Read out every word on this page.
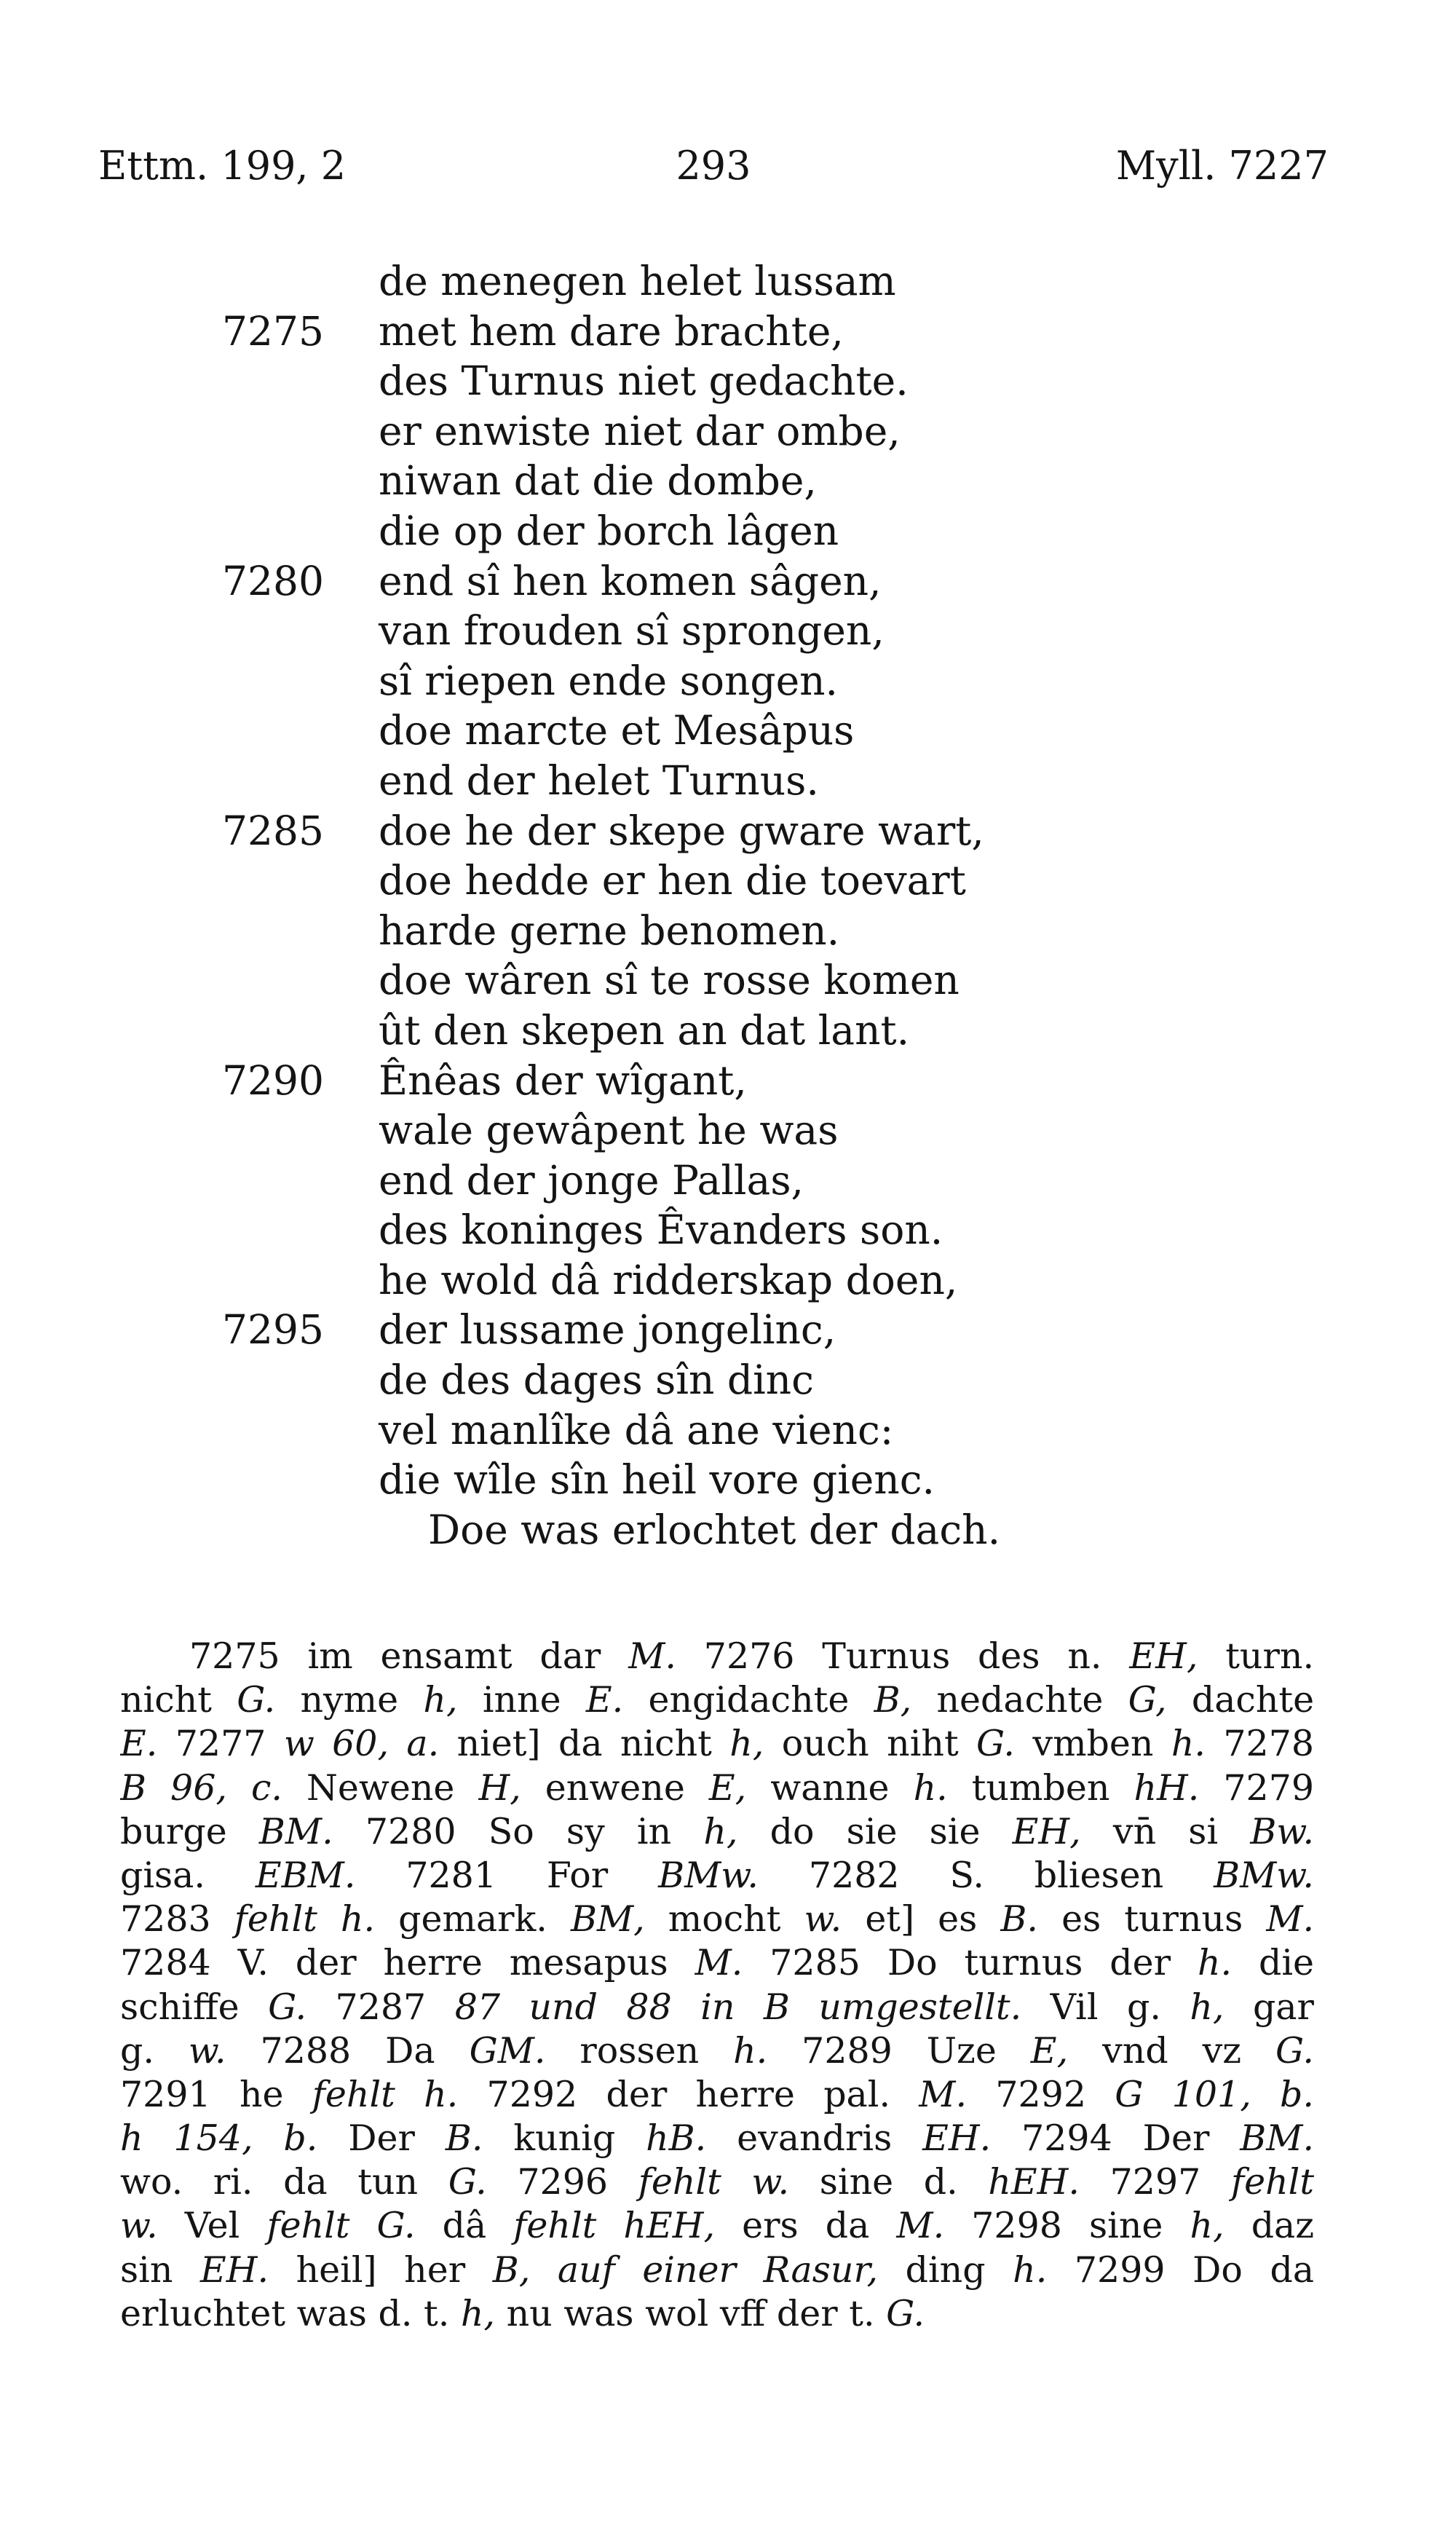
Ettm. 199, 2	293	Myll. 7227
de menegen helet lussam
7275 met hem dare brachte,
des Turnus niet gedachte.
er enwiste niet dar ombe,
niwan dat die dombe,
die op der borch lâgen
7280 end sî hen komen sâgen,
van frouden sî sprongen,
sî riepen ende songen.
doe marcte et Mesâpus
end der helet Turnus.
7285 doe he der skepe gware wart,
doe hedde er hen die toevart
harde gerne benomen.
doe wâren sî te rosse komen
ût den skepen an dat lant.
7290 Ênêas der wîgant,
wale gewâpent he was
end der jonge Pallas,
des koninges Êvanders son.
he wold dâ ridderskap doen,
7295 der lussame jongelinc,
de des dages sîn dinc
vel manlîke dâ ane vienc:
die wîle sîn heil vore gienc.
Doe was erlochtet der dach.
7275 im ensamt dar M. 7276 Turnus des n. EH, turn.
nicht G. nyme h, inne E. engidachte B, nedachte G, dachte
E. 7277 w 60, a. niet] da nicht h, ouch niht G. vmben h. 7278
B 96, c. Newene H, enwene E, wanne h. tumben hH. 7279
burge BM. 7280 So sy in h, do sie sie EH, vn̄ si Bw.
gisa. EBM. 7281 For BMw. 7282 S. bliesen BMw.
7283 fehlt h. gemark. BM, mocht w. et] es B. es turnus M.
7284 V. der herre mesapus M. 7285 Do turnus der h. die
schiffe G. 7287 87 und 88 in B umgestellt. Vil g. h, gar
g. w. 7288 Da GM. rossen h. 7289 Uze E, vnd vz G.
7291 he fehlt h. 7292 der herre pal. M. 7292 G 101, b.
h 154, b. Der B. kunig hB. evandris EH. 7294 Der BM.
wo. ri. da tun G. 7296 fehlt w. sine d. hEH. 7297 fehlt
w. Vel fehlt G. dâ fehlt hEH, ers da M. 7298 sine h, daz
sin EH. heil] her B, auf einer Rasur, ding h. 7299 Do da
erluchtet was d. t. h, nu was wol vff der t. G.
